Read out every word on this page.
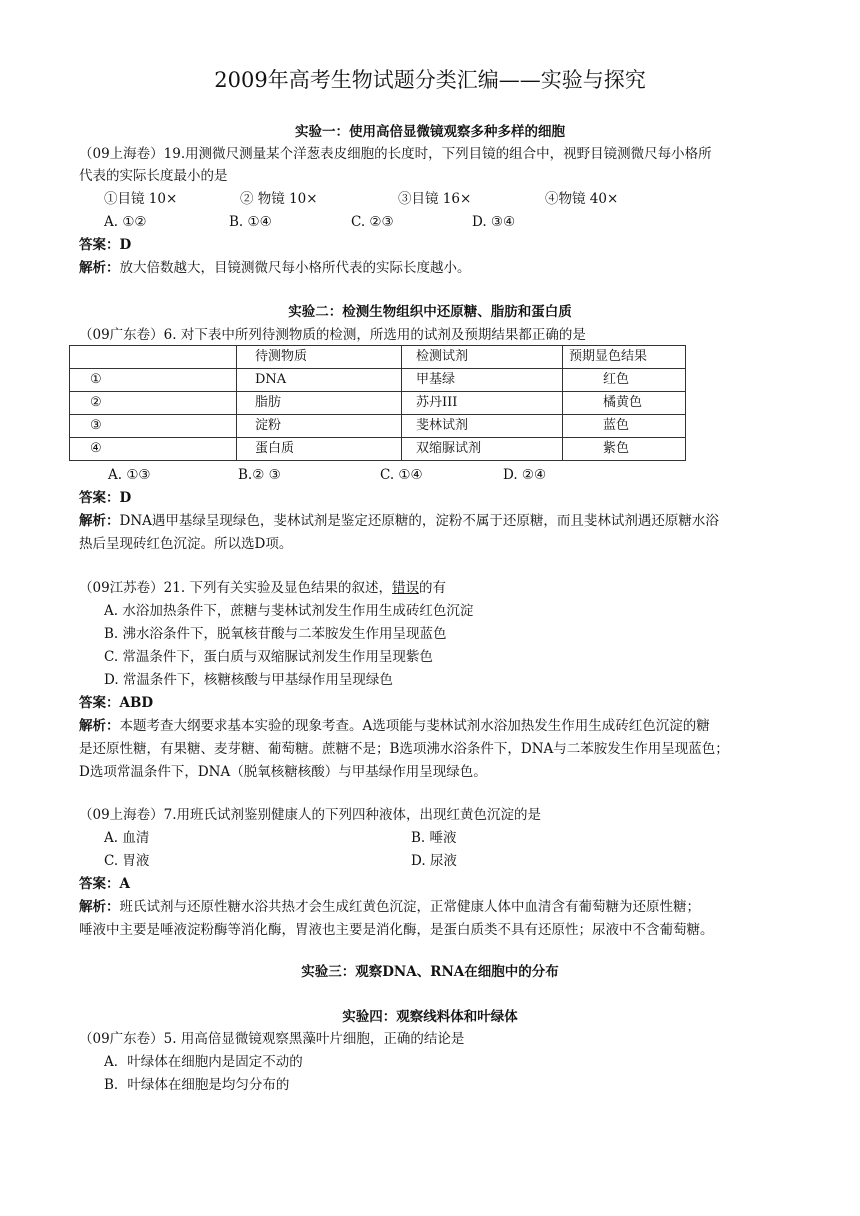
2009年高考生物试题分类汇编——实验与探究
实验一：使用高倍显微镜观察多种多样的细胞
（09上海卷）19.用测微尺测量某个洋葱表皮细胞的长度时，下列目镜的组合中，视野目镜测微尺每小格所
代表的实际长度最小的是
①目镜 10×	② 物镜 10×	③目镜 16×	④物镜 40×
A. ①②	B. ①④	C. ②③	D. ③④
答案：D
解析：放大倍数越大，目镜测微尺每小格所代表的实际长度越小。
实验二：检测生物组织中还原糖、脂肪和蛋白质
（09广东卷）6. 对下表中所列待测物质的检测，所选用的试剂及预期结果都正确的是
	待测物质	检测试剂	预期显色结果
①	DNA	甲基绿	红色
②	脂肪	苏丹III	橘黄色
③	淀粉	斐林试剂	蓝色
④	蛋白质	双缩脲试剂	紫色
A. ①③	B.② ③	C. ①④	D. ②④
答案：D
解析：DNA遇甲基绿呈现绿色，斐林试剂是鉴定还原糖的，淀粉不属于还原糖，而且斐林试剂遇还原糖水浴
热后呈现砖红色沉淀。所以选D项。
（09江苏卷）21. 下列有关实验及显色结果的叙述，错误的有
A. 水浴加热条件下，蔗糖与斐林试剂发生作用生成砖红色沉淀
B. 沸水浴条件下，脱氧核苷酸与二苯胺发生作用呈现蓝色
C. 常温条件下，蛋白质与双缩脲试剂发生作用呈现紫色
D. 常温条件下，核糖核酸与甲基绿作用呈现绿色
答案：ABD
解析：本题考查大纲要求基本实验的现象考查。A选项能与斐林试剂水浴加热发生作用生成砖红色沉淀的糖
是还原性糖，有果糖、麦芽糖、葡萄糖。蔗糖不是；B选项沸水浴条件下，DNA与二苯胺发生作用呈现蓝色；
D选项常温条件下，DNA（脱氧核糖核酸）与甲基绿作用呈现绿色。
（09上海卷）7.用班氏试剂鉴别健康人的下列四种液体，出现红黄色沉淀的是
A. 血清	B. 唾液
C. 胃液	D. 尿液
答案：A
解析：班氏试剂与还原性糖水浴共热才会生成红黄色沉淀，正常健康人体中血清含有葡萄糖为还原性糖；
唾液中主要是唾液淀粉酶等消化酶，胃液也主要是消化酶，是蛋白质类不具有还原性；尿液中不含葡萄糖。
实验三：观察DNA、RNA在细胞中的分布
实验四：观察线料体和叶绿体
（09广东卷）5. 用高倍显微镜观察黑藻叶片细胞，正确的结论是
A．叶绿体在细胞内是固定不动的
B．叶绿体在细胞是均匀分布的
